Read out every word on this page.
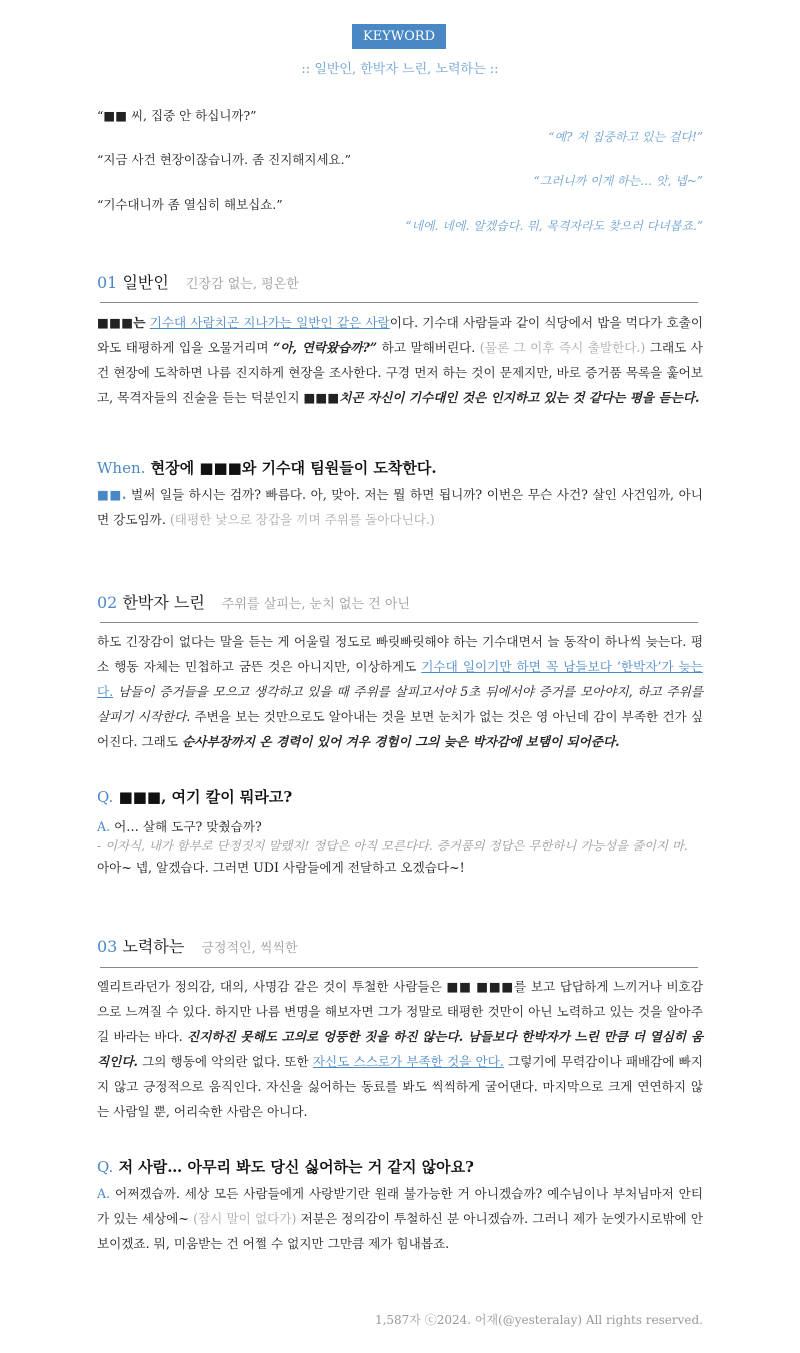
KEYWORD
:: 일반인, 한박자 느린, 노력하는 ::
“■■ 씨, 집중 안 하십니까?”
“예? 저 집중하고 있는 걸다!”
“지금 사건 현장이잖습니까. 좀 진지해지세요.”
“그러니까 이게 하는… 앗, 넵~”
“기수대니까 좀 열심히 해보십쇼.”
“네에. 네에. 알겠습다. 뭐, 목격자라도 찾으러 다녀봅죠.”
01 일반인 긴장감 없는, 평온한

■■■는 기수대 사람치곤 지나가는 일반인 같은 사람이다. 기수대 사람들과 같이 식당에서 밥을 먹다가 호출이 와도 태평하게 입을 오물거리며 “아, 연락왔습까?” 하고 말해버린다. (물론 그 이후 즉시 출발한다.) 그래도 사건 현장에 도착하면 나름 진지하게 현장을 조사한다. 구경 먼저 하는 것이 문제지만, 바로 증거품 목록을 훑어보고, 목격자들의 진술을 듣는 덕분인지 ■■■치곤 자신이 기수대인 것은 인지하고 있는 것 같다는 평을 듣는다.

When. 현장에 ■■■와 기수대 팀원들이 도착한다.

■■. 벌써 일들 하시는 검까? 빠름다. 아, 맞아. 저는 뭘 하면 됩니까? 이번은 무슨 사건? 살인 사건임까, 아니면 강도임까. (태평한 낯으로 장갑을 끼며 주위를 돌아다닌다.)

02 한박자 느린 주위를 살피는, 눈치 없는 건 아닌

하도 긴장감이 없다는 말을 듣는 게 어울릴 정도로 빠릿빠릿해야 하는 기수대면서 늘 동작이 하나씩 늦는다. 평소 행동 자체는 민첩하고 굼뜬 것은 아니지만, 이상하게도 기수대 일이기만 하면 꼭 남들보다 ‘한박자’가 늦는다. 남들이 증거들을 모으고 생각하고 있을 때 주위를 살피고서야 5초 뒤에서야 증거를 모아야지, 하고 주위를 살피기 시작한다. 주변을 보는 것만으로도 알아내는 것을 보면 눈치가 없는 것은 영 아닌데 감이 부족한 건가 싶어진다. 그래도 순사부장까지 온 경력이 있어 겨우 경험이 그의 늦은 박자감에 보탬이 되어준다.

Q. ■■■, 여기 칼이 뭐라고?
A. 어… 살해 도구? 맞췄습까?
- 이자식, 내가 함부로 단정짓지 말랬지! 정답은 아직 모른다다. 증거품의 정답은 무한하니 가능성을 줄이지 마.
아아~ 넵, 알겠습다. 그러면 UDI 사람들에게 전달하고 오겠습다~!
03 노력하는 긍정적인, 씩씩한

엘리트라던가 정의감, 대의, 사명감 같은 것이 투철한 사람들은 ■■ ■■■를 보고 답답하게 느끼거나 비호감으로 느껴질 수 있다. 하지만 나름 변명을 해보자면 그가 정말로 태평한 것만이 아닌 노력하고 있는 것을 알아주길 바라는 바다. 진지하진 못해도 고의로 엉뚱한 짓을 하진 않는다. 남들보다 한박자가 느린 만큼 더 열심히 움직인다. 그의 행동에 악의란 없다. 또한 자신도 스스로가 부족한 것을 안다. 그렇기에 무력감이나 패배감에 빠지지 않고 긍정적으로 움직인다. 자신을 싫어하는 동료를 봐도 씩씩하게 굴어댄다. 마지막으로 크게 연연하지 않는 사람일 뿐, 어리숙한 사람은 아니다.

Q. 저 사람… 아무리 봐도 당신 싫어하는 거 같지 않아요?

A. 어쩌겠습까. 세상 모든 사람들에게 사랑받기란 원래 불가능한 거 아니겠습까? 예수님이나 부처님마저 안티가 있는 세상에~ (잠시 말이 없다가) 저분은 정의감이 투철하신 분 아니겠습까. 그러니 제가 눈엣가시로밖에 안 보이겠죠. 뭐, 미움받는 건 어쩔 수 없지만 그만큼 제가 힘내봅죠.

1,587자 ⓒ2024. 어재(@yesteralay) All rights reserved.
